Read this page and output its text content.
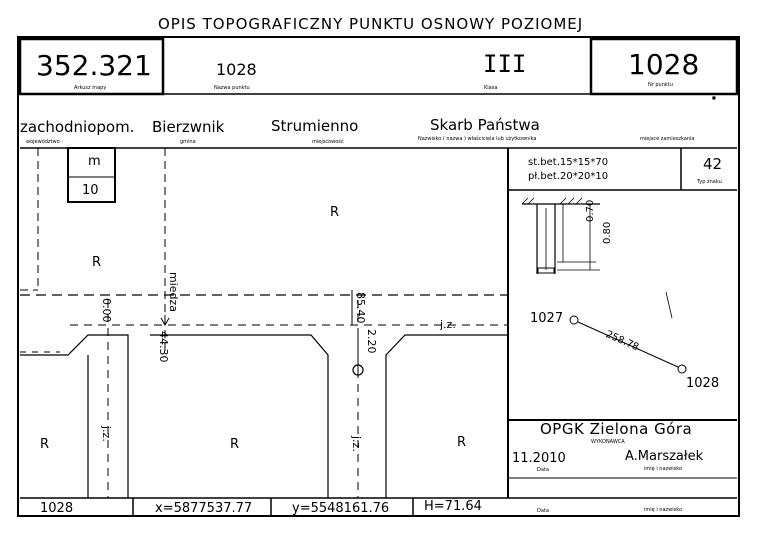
OPIS TOPOGRAFICZNY PUNKTU OSNOWY POZIOMEJ
352.321
Arkusz mapy
1028
Nazwa punktu
III
Klasa
1028
Nr punktu
zachodniopom. Bierzwnik	Strumienno	Skarb Państwa
województwo	gmina	miejscowość	Nazwisko ( nazwa ) właściciela lub użytkownika	miejsce zamieszkania
■
m
10
R
R
R	R	R
miedza
j.z.
j.z.
j.z.
0.00
44.30
85.40
2.20
st.bet.15*15*70
pł.bet.20*20*10
42
Typ znaku
0.70
0.80
1027
1028
258.78
OPGK Zielona Góra
WYKONAWCA
11.2010
Data
A.Marszałek
imię i nazwisko
Data	imię i nazwisko
1028	x=5877537.77	y=5548161.76	H=71.64
